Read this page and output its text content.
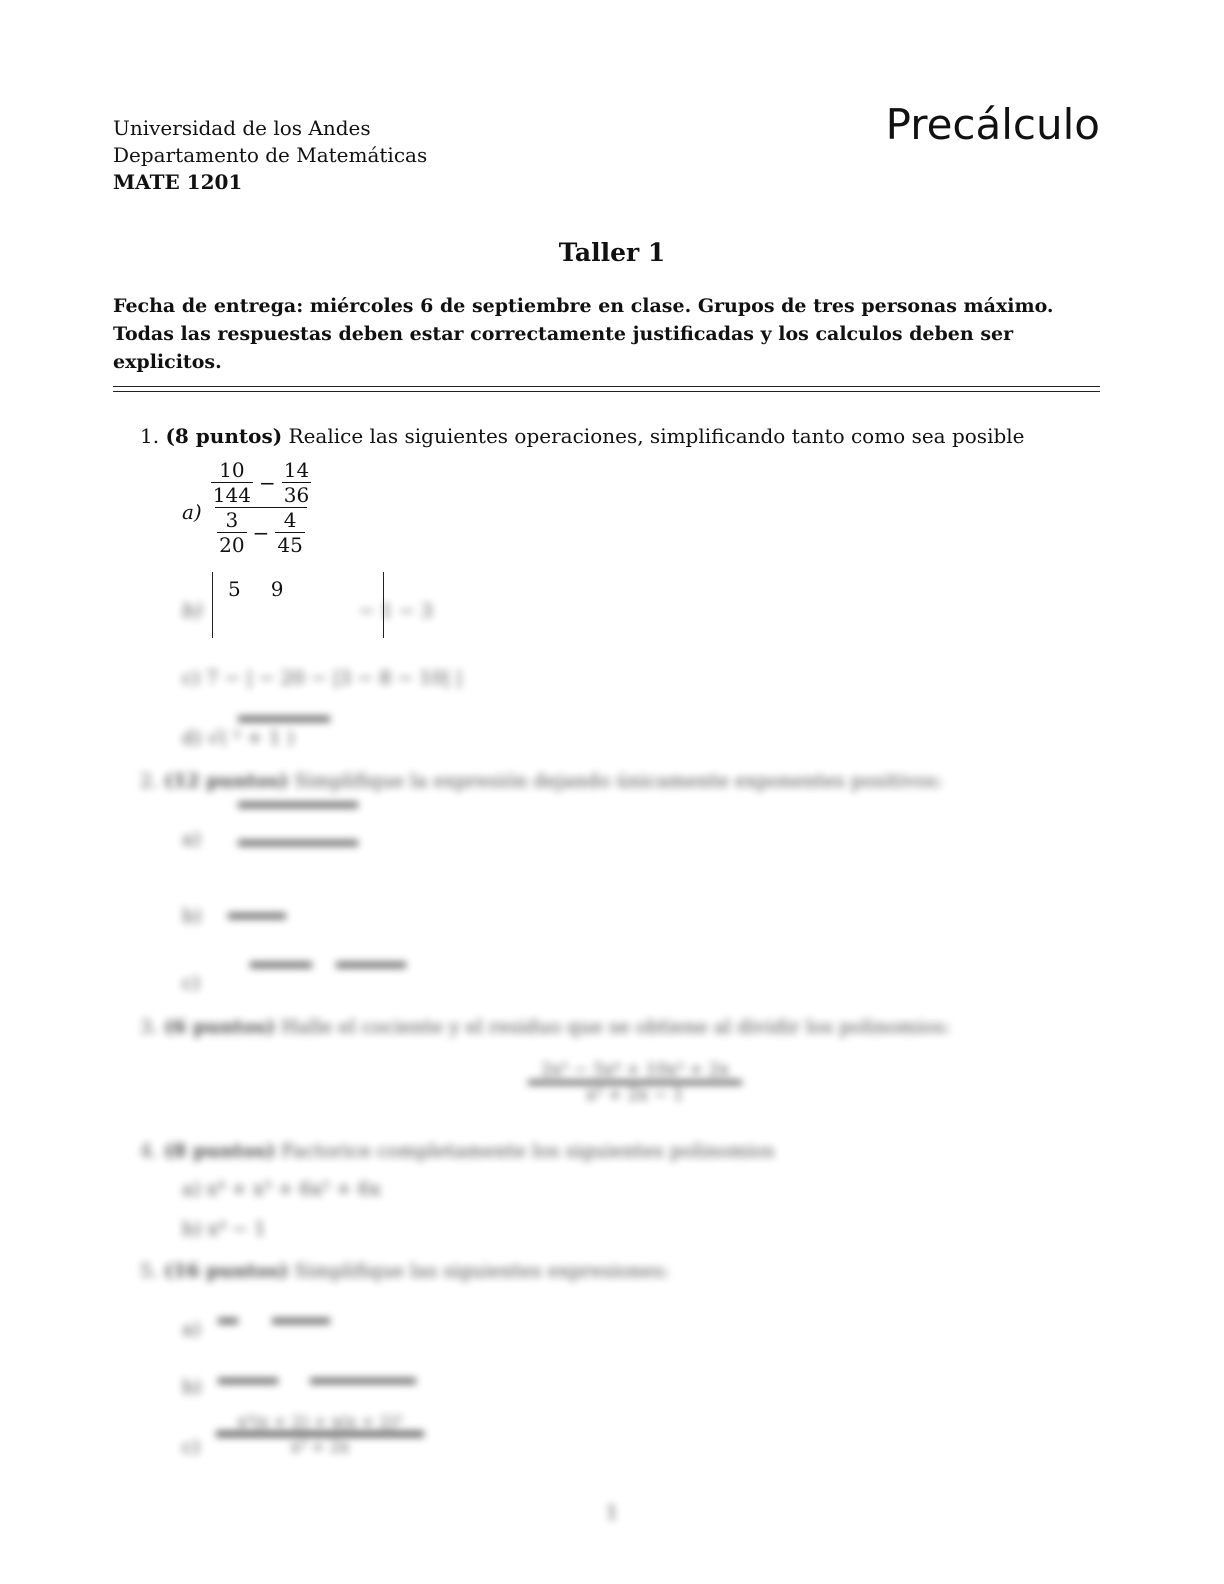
Universidad de los Andes
Departamento de Matemáticas
MATE 1201
Precálculo
Taller 1
Fecha de entrega: miércoles 6 de septiembre en clase. Grupos de tres personas máximo. Todas las respuestas deben estar correctamente justificadas y los calculos deben ser explicitos.
1. (8 puntos) Realice las siguientes operaciones, simplificando tanto como sea posible
$a) \frac{\frac{10}{144} - \frac{14}{36}}{\frac{3}{20} - \frac{4}{45}}$
5 9
b)	− 1 − 3
c) 7 − | − 20 − |3 − 8 − 10| |
d) √( ² + 1 )
2. (12 puntos) Simplifique la expresión dejando únicamente exponentes positivos:
a)
b)
c)
3. (6 puntos) Halle el cociente y el residuo que se obtiene al dividir los polinomios:
2x⁵ − 5x⁴ + 10x³ + 2x
x² + 2x − 1
4. (8 puntos) Factorice completamente los siguientes polinomios
a) x⁴ + x³ + 6x² + 6x
b) x⁴ − 1
5. (16 puntos) Simplifique las siguientes expresiones:
a)
b)
c)
x²(x + 2) + x(x + 2)²
x³ + 2x
1
